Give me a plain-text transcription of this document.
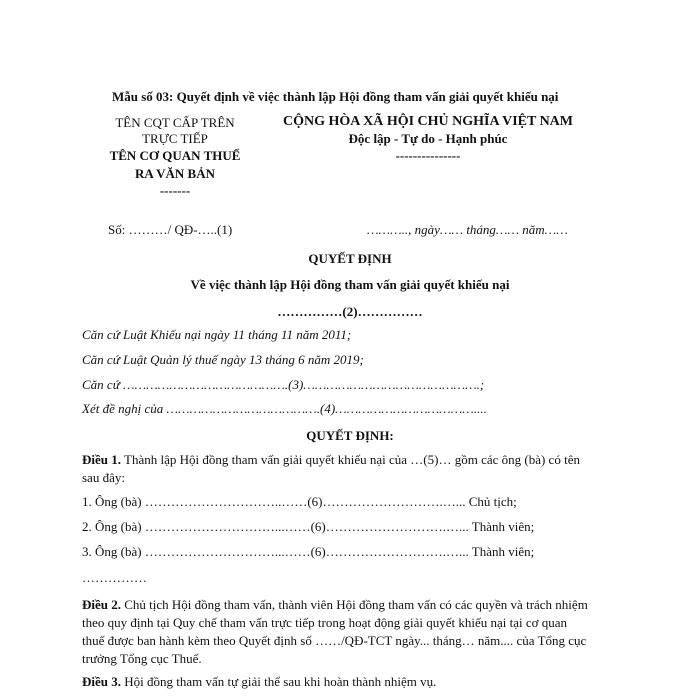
Mẫu số 03: Quyết định về việc thành lập Hội đồng tham vấn giải quyết khiếu nại
TÊN CQT CẤP TRÊN
TRỰC TIẾP
TÊN CƠ QUAN THUẾ
RA VĂN BẢN
-------
CỘNG HÒA XÃ HỘI CHỦ NGHĨA VIỆT NAM
Độc lập - Tự do - Hạnh phúc
---------------
Số: ………/ QĐ-…..(1)	……….., ngày…… tháng…… năm……
QUYẾT ĐỊNH
Về việc thành lập Hội đồng tham vấn giải quyết khiếu nại
……………(2)……………
Căn cứ Luật Khiếu nại ngày 11 tháng 11 năm 2011;
Căn cứ Luật Quản lý thuế ngày 13 tháng 6 năm 2019;
Căn cứ …………………………………….(3)……………………………………….;
Xét đề nghị của ………………………………….(4)………………………………....
QUYẾT ĐỊNH:
Điều 1. Thành lập Hội đồng tham vấn giải quyết khiếu nại của …(5)… gồm các ông (bà) có tên
sau đây:
1. Ông (bà) …………………………..……(6)……………………….…... Chủ tịch;
2. Ông (bà) …………………………...……(6)……………………….…... Thành viên;
3. Ông (bà) …………………………...……(6)……………………….…... Thành viên;
……………
Điều 2. Chủ tịch Hội đồng tham vấn, thành viên Hội đồng tham vấn có các quyền và trách nhiệm
theo quy định tại Quy chế tham vấn trực tiếp trong hoạt động giải quyết khiếu nại tại cơ quan
thuế được ban hành kèm theo Quyết định số ……/QĐ-TCT ngày... tháng… năm.... của Tổng cục
trưởng Tổng cục Thuế.
Điều 3. Hội đồng tham vấn tự giải thể sau khi hoàn thành nhiệm vụ.
